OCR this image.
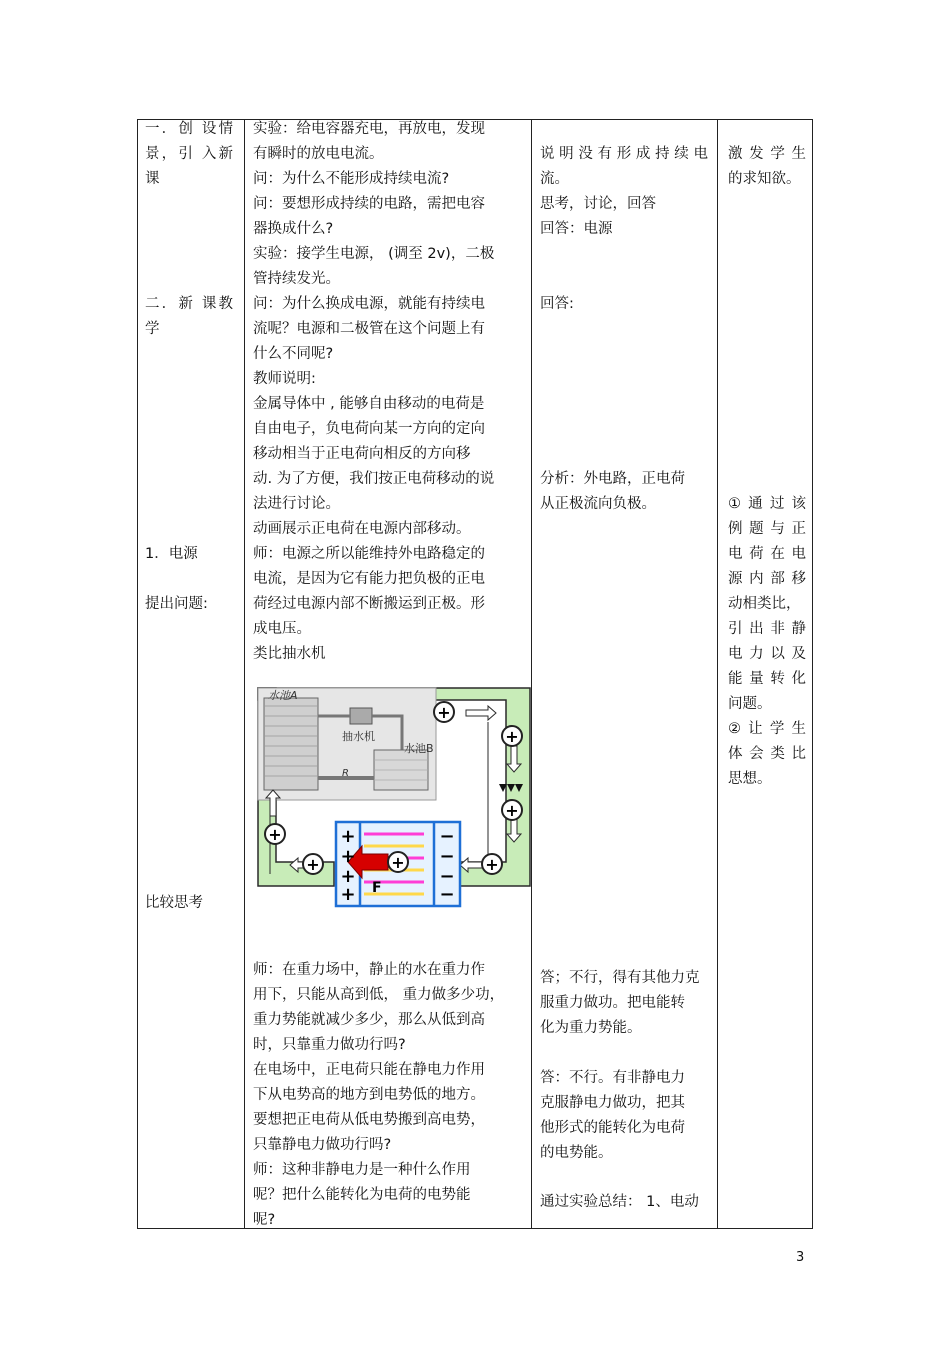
一．创 设情
景，引 入新
课
二．新 课教
学
1．电源
提出问题:
比较思考
实验：给电容器充电，再放电，发现
有瞬时的放电电流。
问：为什么不能形成持续电流?
问：要想形成持续的电路，需把电容
器换成什么?
实验：接学生电源， (调至 2v)，二极
管持续发光。
问：为什么换成电源，就能有持续电
流呢？电源和二极管在这个问题上有
什么不同呢?
教师说明:
金属导体中 , 能够自由移动的电荷是
自由电子，负电荷向某一方向的定向
移动相当于正电荷向相反的方向移
动. 为了方便，我们按正电荷移动的说
法进行讨论。
动画展示正电荷在电源内部移动。
师：电源之所以能维持外电路稳定的
电流，是因为它有能力把负极的正电
荷经过电源内部不断搬运到正极。形
成电压。
类比抽水机
水池A
抽水机
水池B
R
+
+
+
+
+
+
+
F
+
+
+
+
−
−
−
−
师：在重力场中，静止的水在重力作
用下，只能从高到低， 重力做多少功，
重力势能就减少多少，那么从低到高
时，只靠重力做功行吗?
在电场中，正电荷只能在静电力作用
下从电势高的地方到电势低的地方。
要想把正电荷从低电势搬到高电势，
只靠静电力做功行吗?
师：这种非静电力是一种什么作用
呢？把什么能转化为电荷的电势能
呢?
说明没有形成持续电
流。
思考，讨论，回答
回答：电源
回答:
分析：外电路，正电荷
从正极流向负极。
答；不行，得有其他力克
服重力做功。把电能转
化为重力势能。
答：不行。有非静电力
克服静电力做功，把其
他形式的能转化为电荷
的电势能。
通过实验总结： 1、电动
激发学生
的求知欲。
①通过该
例题与正
电荷在电
源内部移
动相类比，
引出非静
电力以及
能量转化
问题。
②让学生
体会类比
思想。
3
